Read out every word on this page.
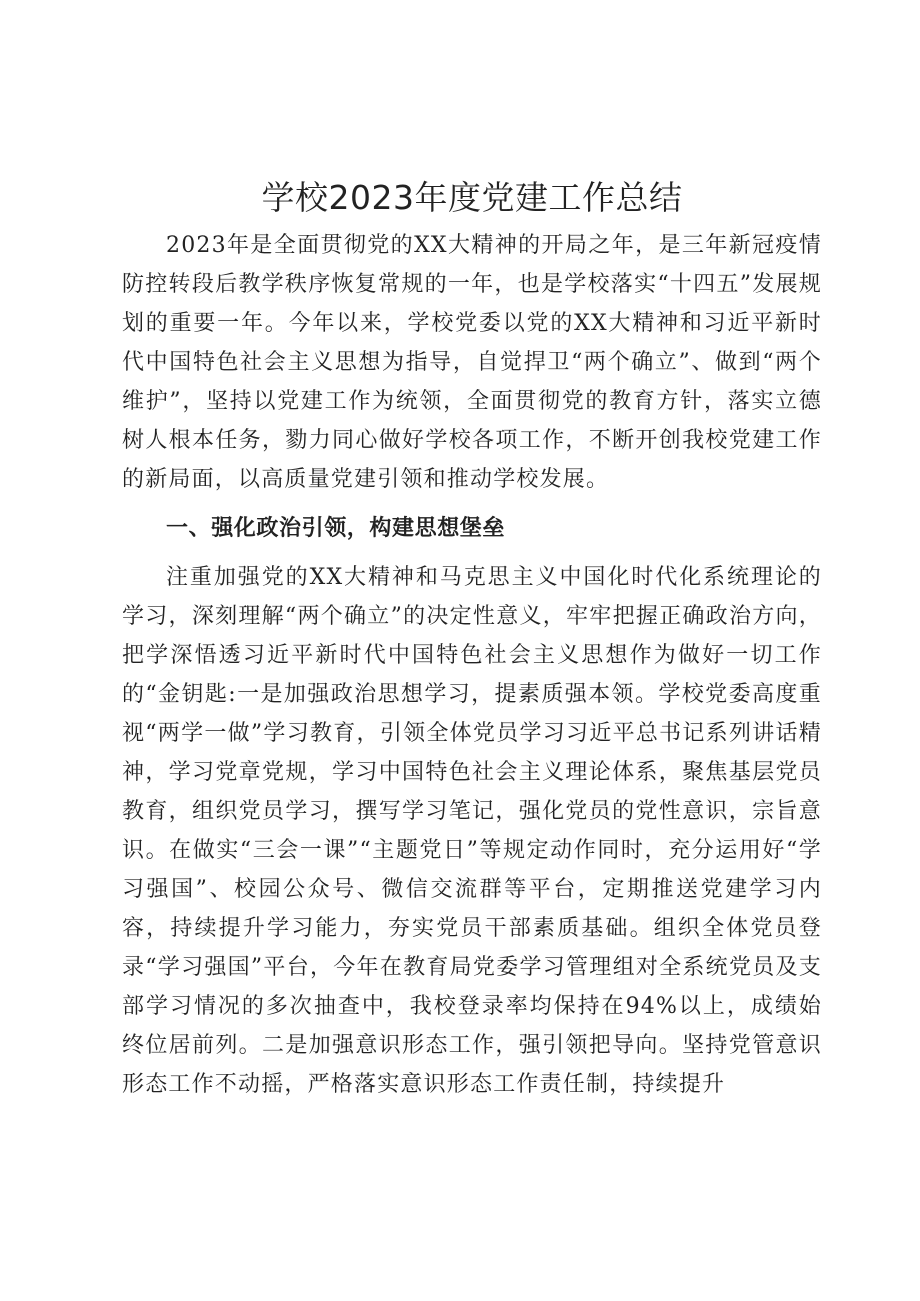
学校2023年度党建工作总结

2023年是全面贯彻党的XX大精神的开局之年，是三年新冠疫情防控转段后教学秩序恢复常规的一年，也是学校落实“十四五”发展规划的重要一年。今年以来，学校党委以党的XX大精神和习近平新时代中国特色社会主义思想为指导，自觉捍卫“两个确立”、做到“两个维护”，坚持以党建工作为统领，全面贯彻党的教育方针，落实立德树人根本任务，勠力同心做好学校各项工作，不断开创我校党建工作的新局面，以高质量党建引领和推动学校发展。

一、强化政治引领，构建思想堡垒

注重加强党的XX大精神和马克思主义中国化时代化系统理论的学习，深刻理解“两个确立”的决定性意义，牢牢把握正确政治方向，把学深悟透习近平新时代中国特色社会主义思想作为做好一切工作的“金钥匙:一是加强政治思想学习，提素质强本领。学校党委高度重视“两学一做”学习教育，引领全体党员学习习近平总书记系列讲话精神，学习党章党规，学习中国特色社会主义理论体系，聚焦基层党员教育，组织党员学习，撰写学习笔记，强化党员的党性意识，宗旨意识。在做实“三会一课”“主题党日”等规定动作同时，充分运用好“学习强国”、校园公众号、微信交流群等平台，定期推送党建学习内容，持续提升学习能力，夯实党员干部素质基础。组织全体党员登录“学习强国”平台，今年在教育局党委学习管理组对全系统党员及支部学习情况的多次抽查中，我校登录率均保持在94%以上，成绩始终位居前列。二是加强意识形态工作，强引领把导向。坚持党管意识形态工作不动摇，严格落实意识形态工作责任制，持续提升
